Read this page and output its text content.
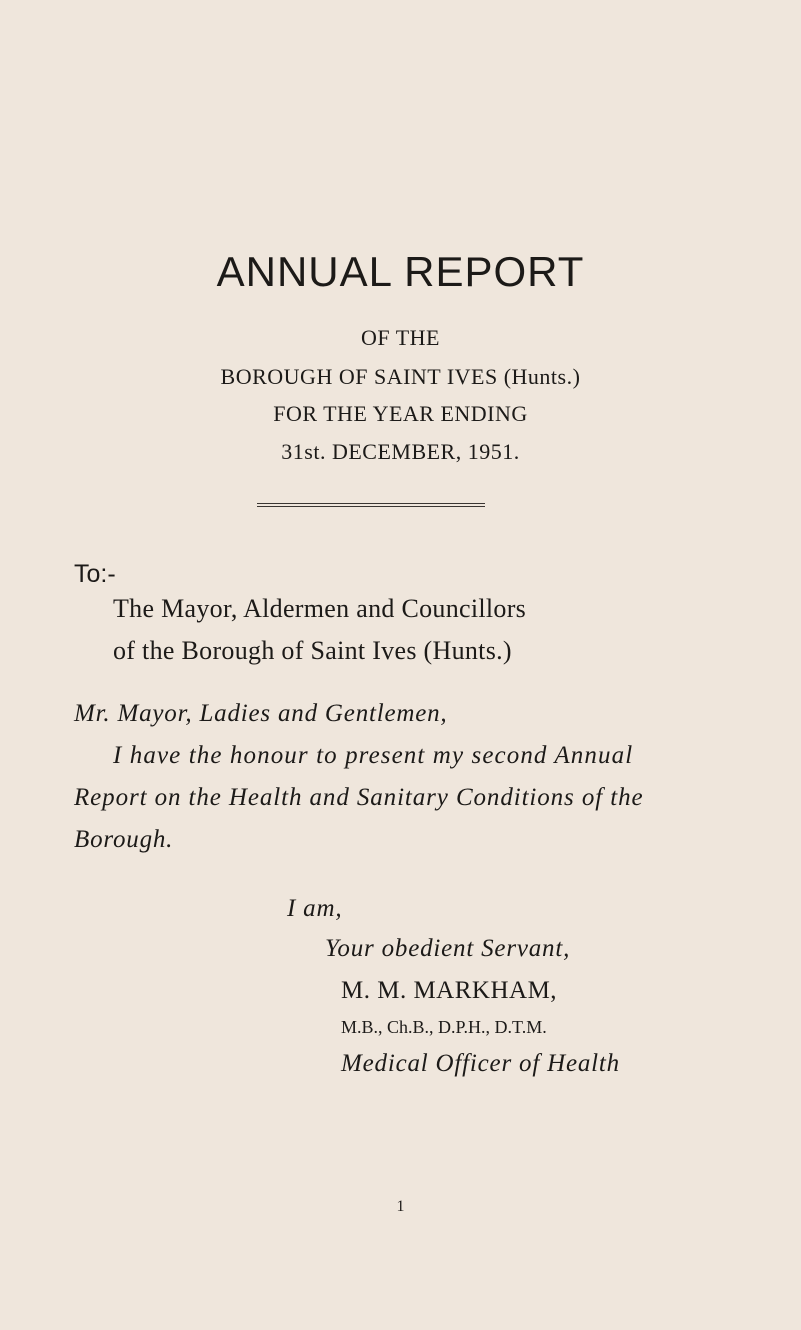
ANNUAL REPORT
OF THE
BOROUGH OF SAINT IVES (Hunts.)
FOR THE YEAR ENDING
31st. DECEMBER, 1951.
To:-
The Mayor, Aldermen and Councillors
of the Borough of Saint Ives (Hunts.)
Mr. Mayor, Ladies and Gentlemen,
I have the honour to present my second Annual
Report on the Health and Sanitary Conditions of the
Borough.
I am,
Your obedient Servant,
M. M. MARKHAM,
M.B., Ch.B., D.P.H., D.T.M.
Medical Officer of Health
1
